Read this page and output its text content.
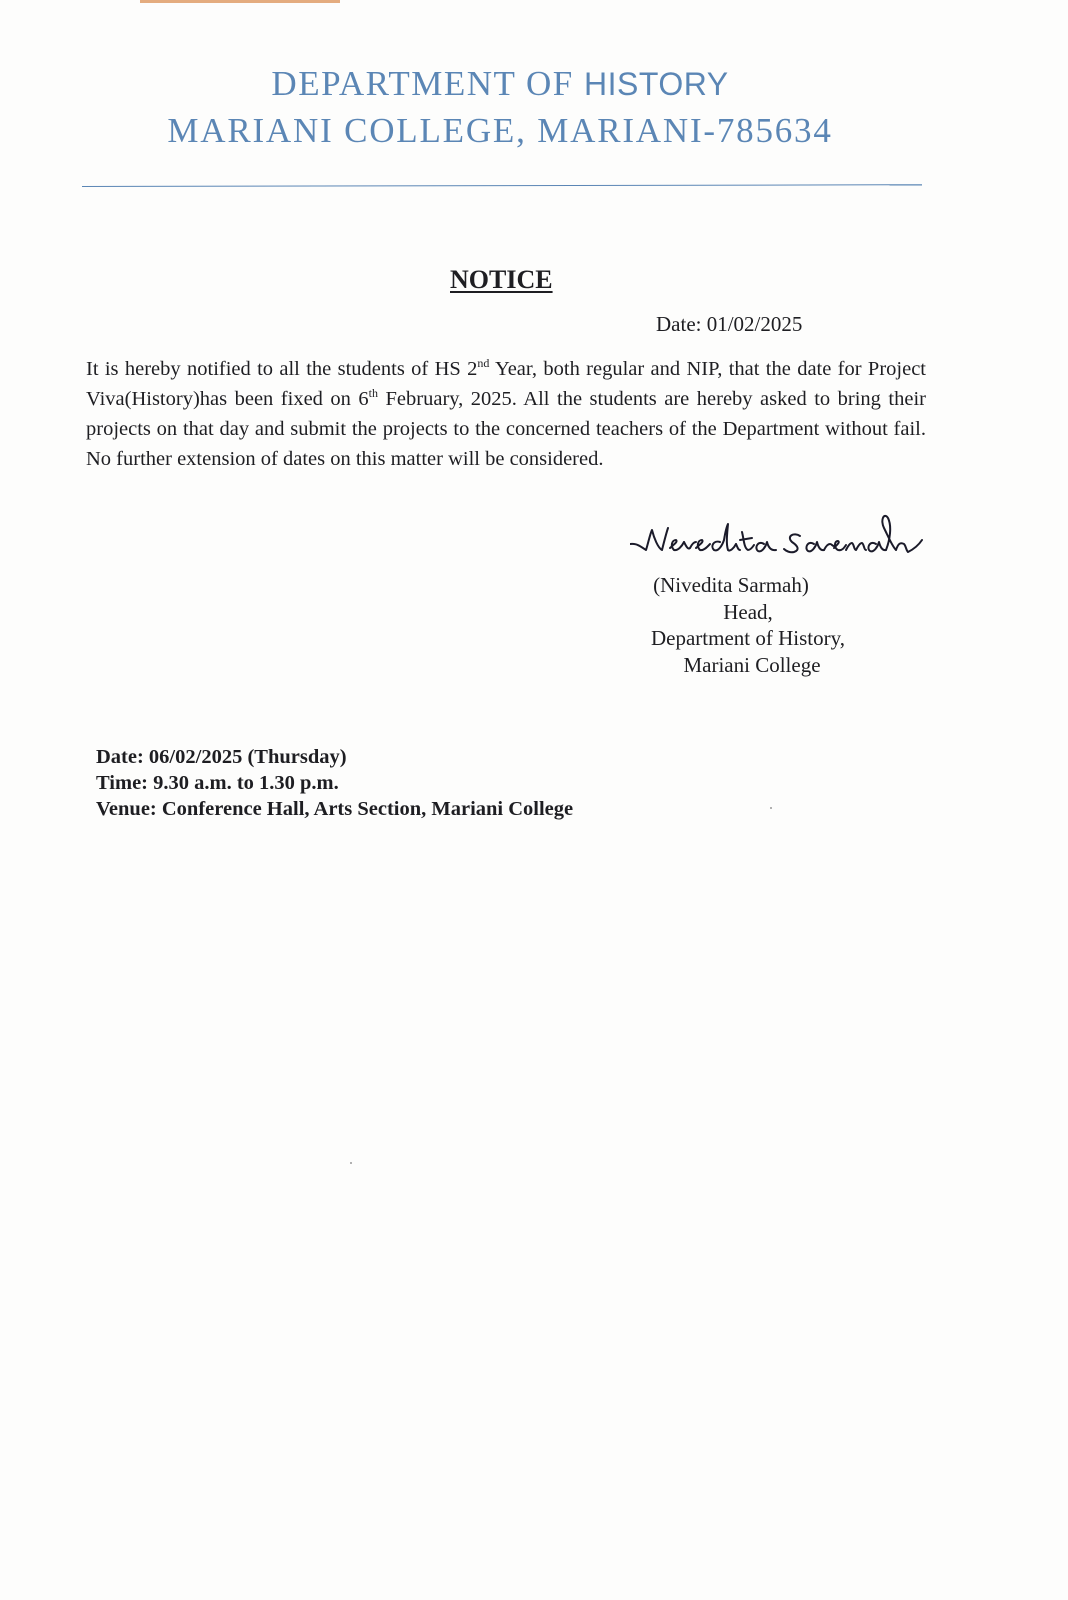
DEPARTMENT OF HISTORY
MARIANI COLLEGE, MARIANI-785634
NOTICE
Date: 01/02/2025
It is hereby notified to all the students of HS 2nd Year, both regular and NIP, that the date for Project Viva(History)has been fixed on 6th February, 2025. All the students are hereby asked to bring their projects on that day and submit the projects to the concerned teachers of the Department without fail. No further extension of dates on this matter will be considered.
(Nivedita Sarmah)
Head,
Department of History,
Mariani College
Date: 06/02/2025 (Thursday)
Time: 9.30 a.m. to 1.30 p.m.
Venue: Conference Hall, Arts Section, Mariani College
